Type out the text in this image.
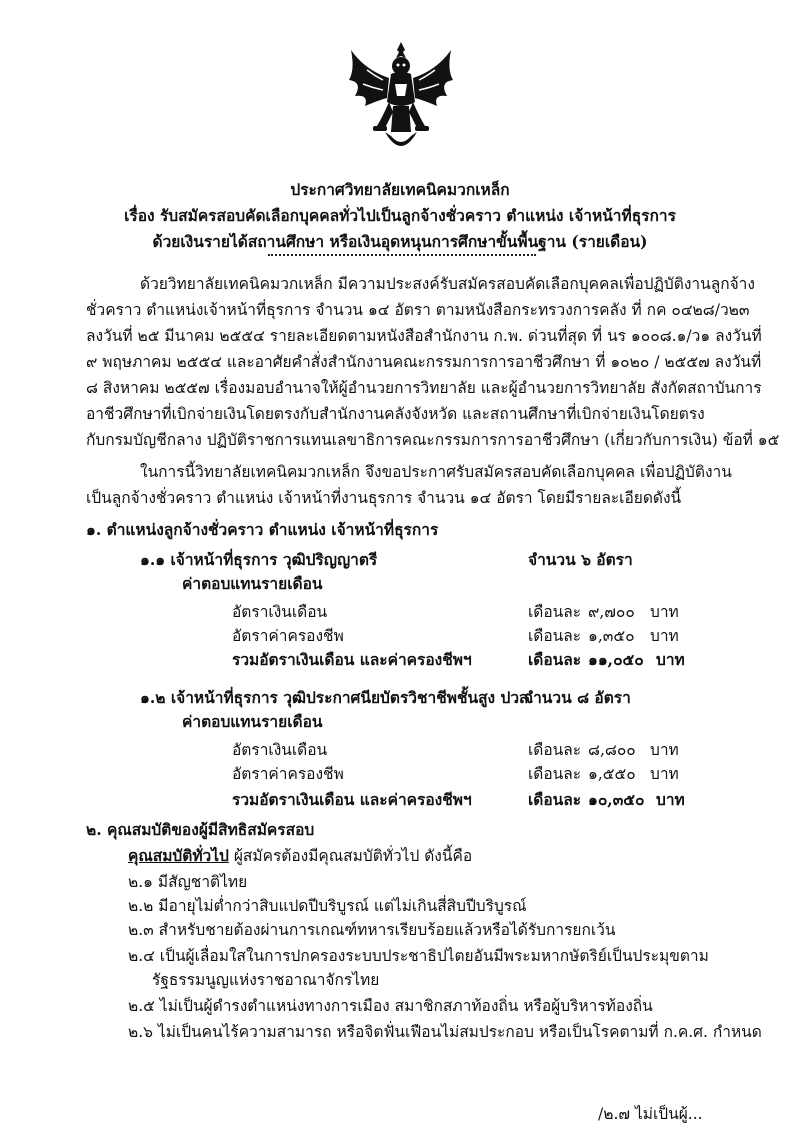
ประกาศวิทยาลัยเทคนิคมวกเหล็ก
เรื่อง รับสมัครสอบคัดเลือกบุคคลทั่วไปเป็นลูกจ้างชั่วคราว ตำแหน่ง เจ้าหน้าที่ธุรการ
ด้วยเงินรายได้สถานศึกษา หรือเงินอุดหนุนการศึกษาขั้นพื้นฐาน (รายเดือน)
ด้วยวิทยาลัยเทคนิคมวกเหล็ก มีความประสงค์รับสมัครสอบคัดเลือกบุคคลเพื่อปฏิบัติงานลูกจ้าง
ชั่วคราว ตำแหน่งเจ้าหน้าที่ธุรการ จำนวน ๑๔ อัตรา ตามหนังสือกระทรวงการคลัง ที่ กค ๐๔๒๘/ว๒๓
ลงวันที่ ๒๕ มีนาคม ๒๕๕๔ รายละเอียดตามหนังสือสำนักงาน ก.พ. ด่วนที่สุด ที่ นร ๑๐๐๘.๑/ว๑ ลงวันที่
๙ พฤษภาคม ๒๕๕๔ และอาศัยคำสั่งสำนักงานคณะกรรมการการอาชีวศึกษา ที่ ๑๐๒๐ / ๒๕๕๗ ลงวันที่
๘ สิงหาคม ๒๕๕๗ เรื่องมอบอำนาจให้ผู้อำนวยการวิทยาลัย และผู้อำนวยการวิทยาลัย สังกัดสถาบันการ
อาชีวศึกษาที่เบิกจ่ายเงินโดยตรงกับสำนักงานคลังจังหวัด และสถานศึกษาที่เบิกจ่ายเงินโดยตรง
กับกรมบัญชีกลาง ปฏิบัติราชการแทนเลขาธิการคณะกรรมการการอาชีวศึกษา (เกี่ยวกับการเงิน) ข้อที่ ๑๕
ในการนี้วิทยาลัยเทคนิคมวกเหล็ก จึงขอประกาศรับสมัครสอบคัดเลือกบุคคล เพื่อปฏิบัติงาน
เป็นลูกจ้างชั่วคราว ตำแหน่ง เจ้าหน้าที่งานธุรการ จำนวน ๑๔ อัตรา โดยมีรายละเอียดดังนี้
๑. ตำแหน่งลูกจ้างชั่วคราว ตำแหน่ง เจ้าหน้าที่ธุรการ
๑.๑ เจ้าหน้าที่ธุรการ วุฒิปริญญาตรี	จำนวน ๖ อัตรา
ค่าตอบแทนรายเดือน
อัตราเงินเดือน	เดือนละ ๙,๗๐๐ บาท
อัตราค่าครองชีพ	เดือนละ ๑,๓๕๐ บาท
รวมอัตราเงินเดือน และค่าครองชีพฯ	เดือนละ ๑๑,๐๕๐ บาท
๑.๒ เจ้าหน้าที่ธุรการ วุฒิประกาศนียบัตรวิชาชีพชั้นสูง ปวส.
จำนวน ๘ อัตรา
ค่าตอบแทนรายเดือน
อัตราเงินเดือน	เดือนละ ๘,๘๐๐ บาท
อัตราค่าครองชีพ	เดือนละ ๑,๕๕๐ บาท
รวมอัตราเงินเดือน และค่าครองชีพฯ	เดือนละ ๑๐,๓๕๐ บาท
๒. คุณสมบัติของผู้มีสิทธิสมัครสอบ
คุณสมบัติทั่วไป ผู้สมัครต้องมีคุณสมบัติทั่วไป ดังนี้คือ
๒.๑ มีสัญชาติไทย
๒.๒ มีอายุไม่ต่ำกว่าสิบแปดปีบริบูรณ์ แต่ไม่เกินสี่สิบปีบริบูรณ์
๒.๓ สำหรับชายต้องผ่านการเกณฑ์ทหารเรียบร้อยแล้วหรือได้รับการยกเว้น
๒.๔ เป็นผู้เลื่อมใสในการปกครองระบบประชาธิปไตยอันมีพระมหากษัตริย์เป็นประมุขตาม
รัฐธรรมนูญแห่งราชอาณาจักรไทย
๒.๕ ไม่เป็นผู้ดำรงตำแหน่งทางการเมือง สมาชิกสภาท้องถิ่น หรือผู้บริหารท้องถิ่น
๒.๖ ไม่เป็นคนไร้ความสามารถ หรือจิตฟั่นเฟือนไม่สมประกอบ หรือเป็นโรคตามที่ ก.ค.ศ. กำหนด
/๒.๗ ไม่เป็นผู้...
